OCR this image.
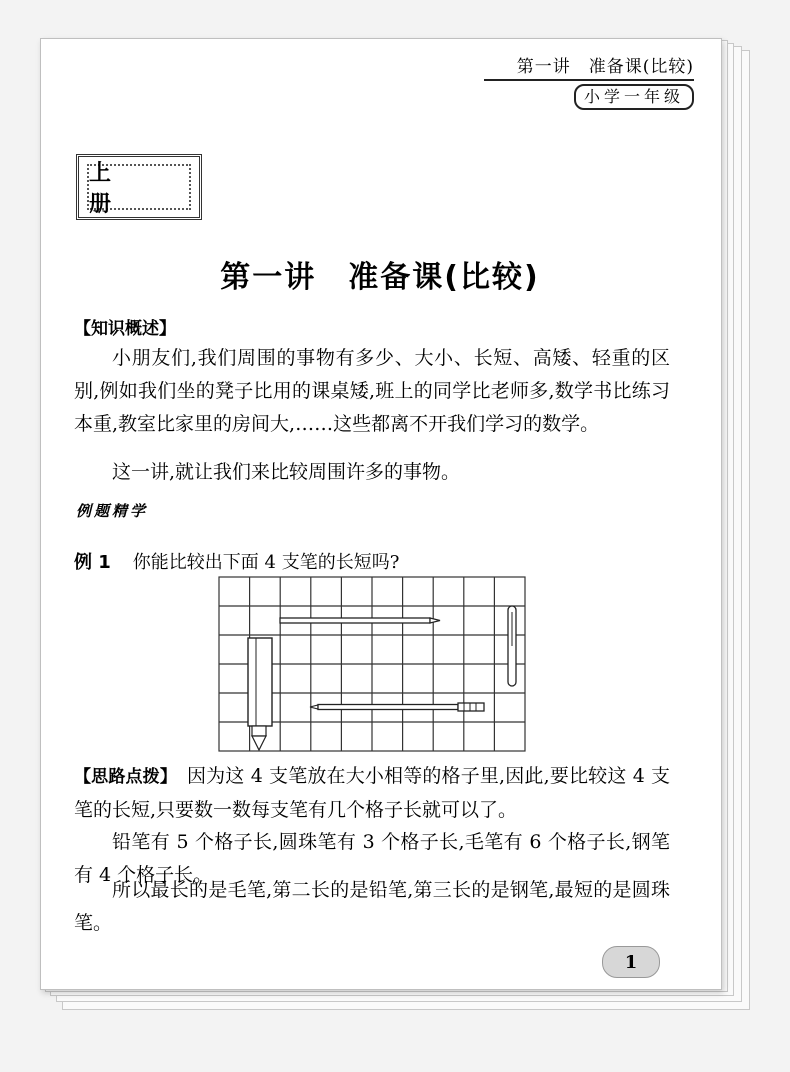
第一讲　准备课(比较)
小学一年级
上　册
第一讲　准备课(比较)
【知识概述】

小朋友们,我们周围的事物有多少、大小、长短、高矮、轻重的区别,例如我们坐的凳子比用的课桌矮,班上的同学比老师多,数学书比练习本重,教室比家里的房间大,……这些都离不开我们学习的数学。

这一讲,就让我们来比较周围许多的事物。

例题精学
例 1 你能比较出下面 4 支笔的长短吗?
【思路点拨】 因为这 4 支笔放在大小相等的格子里,因此,要比较这 4 支笔的长短,只要数一数每支笔有几个格子长就可以了。

铅笔有 5 个格子长,圆珠笔有 3 个格子长,毛笔有 6 个格子长,钢笔有 4 个格子长。

所以最长的是毛笔,第二长的是铅笔,第三长的是钢笔,最短的是圆珠笔。

1
